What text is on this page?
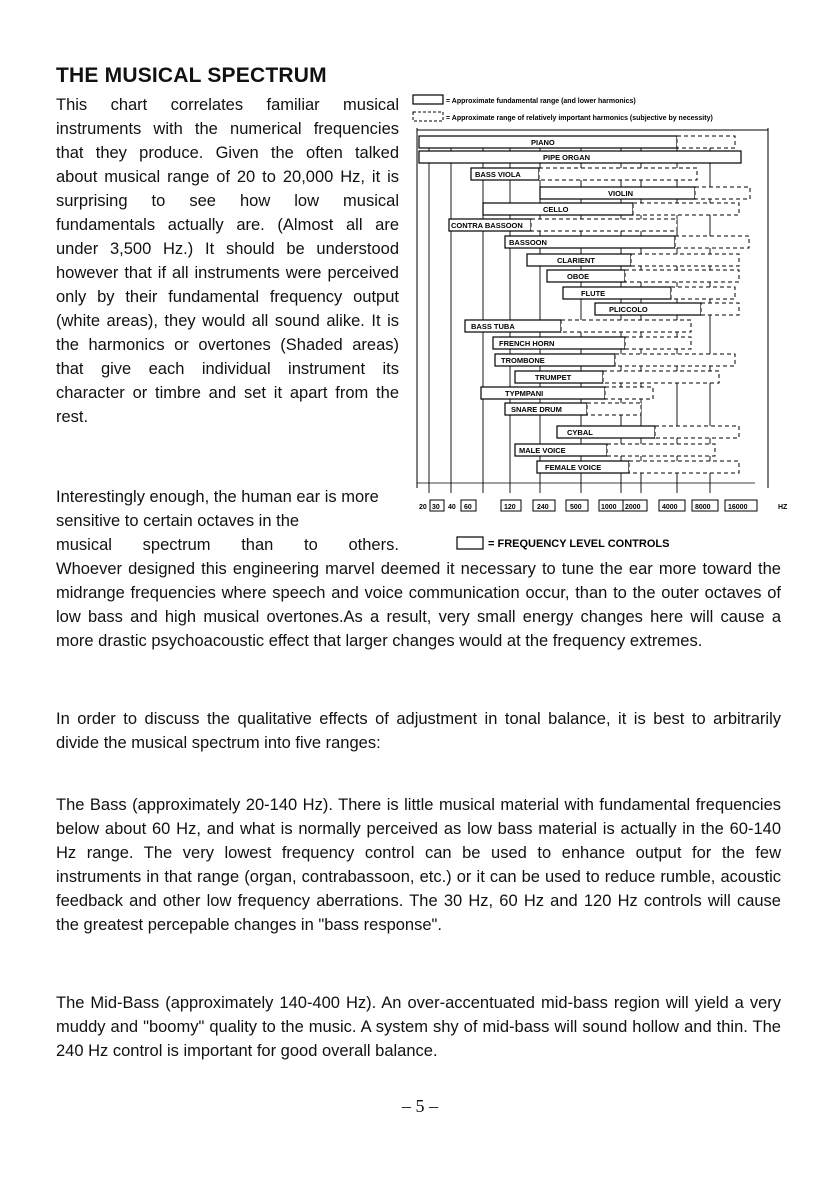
THE MUSICAL SPECTRUM

This chart correlates familiar musical instruments with the numerical frequencies that they produce. Given the often talked about musical range of 20 to 20,000 Hz, it is surprising to see how low musical fundamentals actually are. (Almost all are under 3,500 Hz.) It should be understood however that if all instruments were perceived only by their fundamental frequency output (white areas), they would all sound alike. It is the harmonics or overtones (Shaded areas) that give each individual instrument its character or timbre and set it apart from the rest.

= Approximate fundamental range (and lower harmonics)
= Approximate range of relatively important harmonics (subjective by necessity)
PIANO
PIPE ORGAN
BASS VIOLA
VIOLIN
CELLO
CONTRA BASSOON
BASSOON
CLARIENT
OBOE
FLUTE
PLICCOLO
BASS TUBA
FRENCH HORN
TROMBONE
TRUMPET
TYPMPANI
SNARE DRUM
CYBAL
MALE VOICE
FEMALE VOICE
20 30 40 60	120	240	500	1000 2000	4000 8000 16000	HZ
= FREQUENCY LEVEL CONTROLS

Interestingly enough, the human ear is more sensitive to certain octaves in the

musical spectrum than to others.

Whoever designed this engineering marvel deemed it necessary to tune the ear more toward the midrange frequencies where speech and voice communication occur, than to the outer octaves of low bass and high musical overtones.As a result, very small energy changes here will cause a more drastic psychoacoustic effect that larger changes would at the frequency extremes.

In order to discuss the qualitative effects of adjustment in tonal balance, it is best to arbitrarily divide the musical spectrum into five ranges:

The Bass (approximately 20-140 Hz). There is little musical material with fundamental frequencies below about 60 Hz, and what is normally perceived as low bass material is actually in the 60-140 Hz range. The very lowest frequency control can be used to enhance output for the few instruments in that range (organ, contrabassoon, etc.) or it can be used to reduce rumble, acoustic feedback and other low frequency aberrations. The 30 Hz, 60 Hz and 120 Hz controls will cause the greatest percepable changes in "bass response".

The Mid-Bass (approximately 140-400 Hz). An over-accentuated mid-bass region will yield a very muddy and "boomy" quality to the music. A system shy of mid-bass will sound hollow and thin. The 240 Hz control is important for good overall balance.

– 5 –
